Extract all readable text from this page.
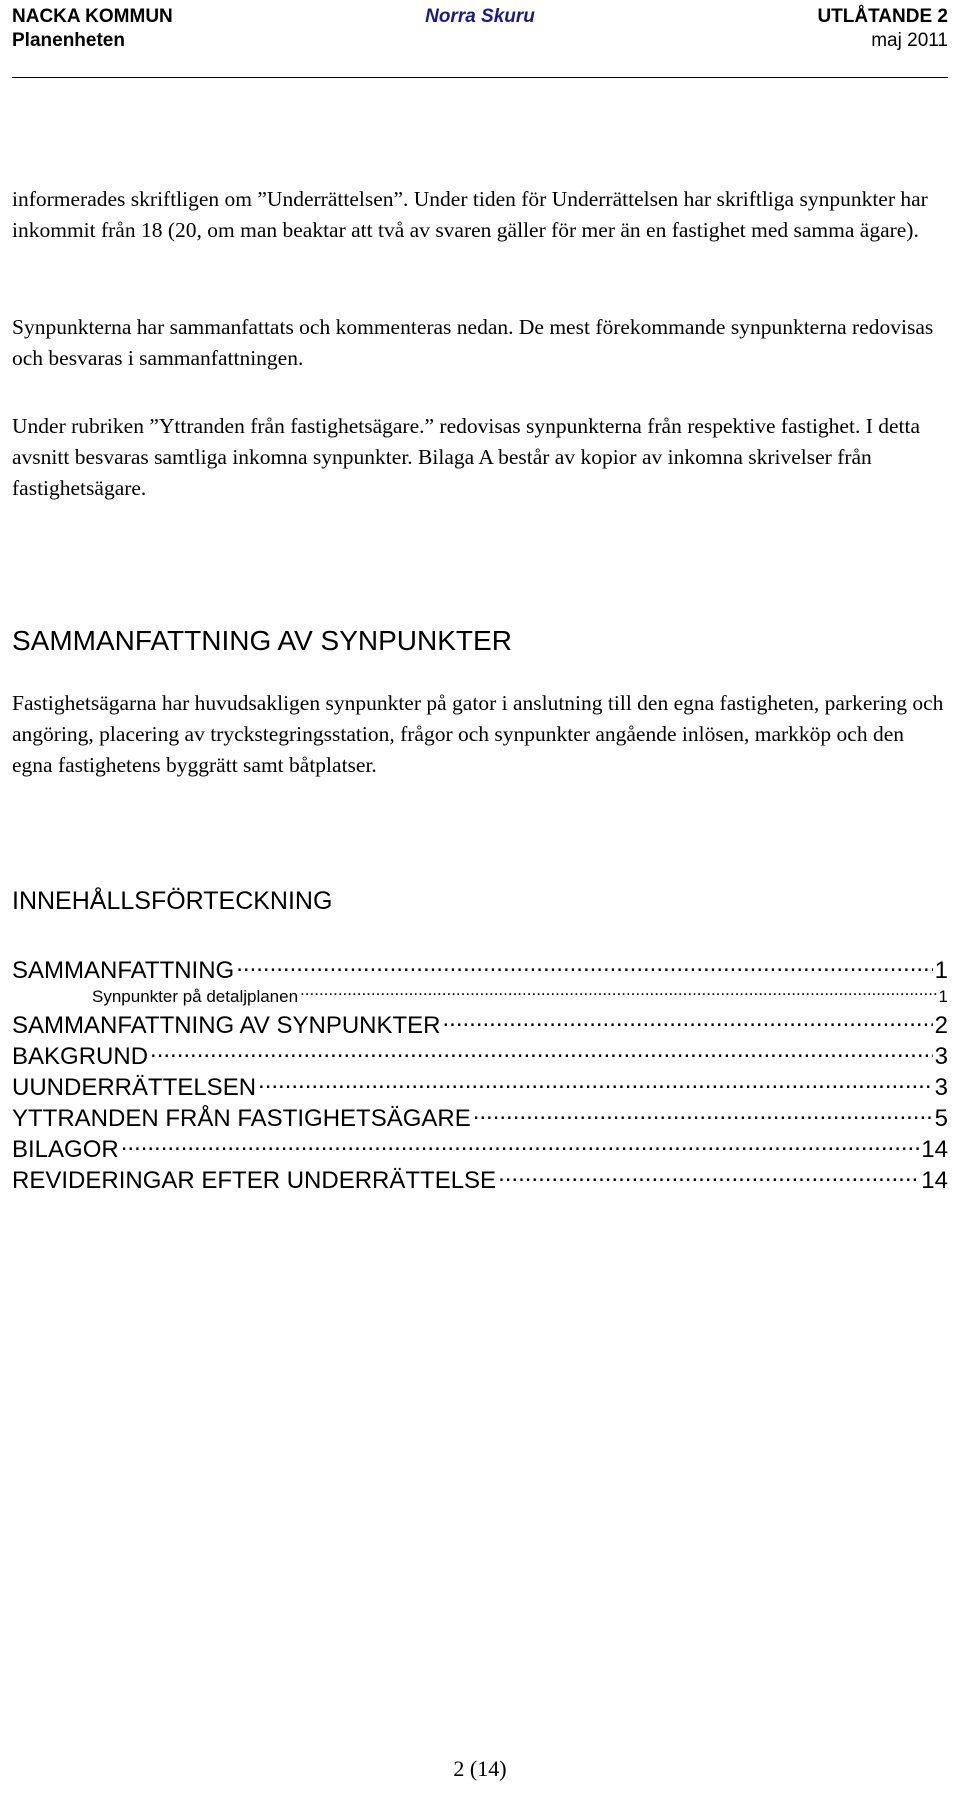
NACKA KOMMUN	Norra Skuru	UTLÅTANDE 2
Planenheten	maj 2011

informerades skriftligen om ”Underrättelsen”. Under tiden för Underrättelsen har skriftliga synpunkter har inkommit från 18 (20, om man beaktar att två av svaren gäller för mer än en fastighet med samma ägare).

Synpunkterna har sammanfattats och kommenteras nedan. De mest förekommande synpunkterna redovisas och besvaras i sammanfattningen.

Under rubriken ”Yttranden från fastighetsägare.” redovisas synpunkterna från respektive fastighet. I detta avsnitt besvaras samtliga inkomna synpunkter. Bilaga A består av kopior av inkomna skrivelser från fastighetsägare.

SAMMANFATTNING AV SYNPUNKTER

Fastighetsägarna har huvudsakligen synpunkter på gator i anslutning till den egna fastigheten, parkering och angöring, placering av tryckstegringsstation, frågor och synpunkter angående inlösen, markköp och den egna fastighetens byggrätt samt båtplatser.

INNEHÅLLSFÖRTECKNING
SAMMANFATTNING .....	1
Synpunkter på detaljplanen .....	1
SAMMANFATTNING AV SYNPUNKTER .....	2
BAKGRUND .....	3
UUNDERRÄTTELSEN .....	3
YTTRANDEN FRÅN FASTIGHETSÄGARE .....	5
BILAGOR .....	14
REVIDERINGAR EFTER UNDERRÄTTELSE .....	14
2 (14)
